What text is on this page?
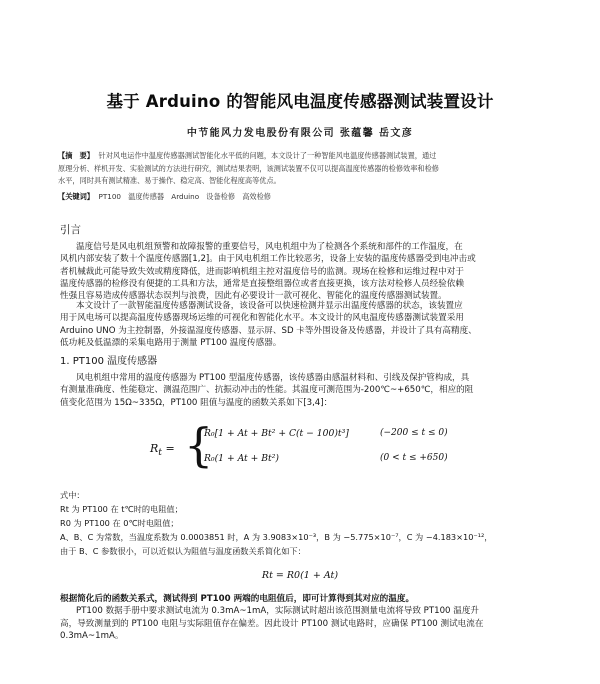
基于 Arduino 的智能风电温度传感器测试装置设计
中节能风力发电股份有限公司 张蕴馨 岳文彦
【摘　要】 针对风电运作中温度传感器测试智能化水平低的问题，本文设计了一种智能风电温度传感器测试装置，通过
原理分析、样机开发、实验测试的方法进行研究，测试结果表明，该测试装置不仅可以提高温度传感器的检修效率和检修
水平，同时具有测试精准、易于操作、稳定高、智能化程度高等优点。
【关键词】 PT100　温度传感器　Arduino　设备检修　高效检修
引言
温度信号是风电机组预警和故障报警的重要信号，风电机组中为了检测各个系统和部件的工作温度，在
风机内部安装了数十个温度传感器[1,2]。由于风电机组工作比较恶劣，设备上安装的温度传感器受到电冲击或
者机械裁此可能导致失效或精度降低，进而影响机组主控对温度信号的监测。现场在检修和运维过程中对于
温度传感器的检修没有便捷的工具和方法，通常是直接整组器位或者直接更换，该方法对检修人员经验依赖
性强且容易造成传感器状态误判与浪费，因此有必要设计一款可视化、智能化的温度传感器测试装置。
本文设计了一款智能温度传感器测试设备，该设备可以快速检测并显示出温度传感器的状态，该装置应
用于风电场可以提高温度传感器现场运维的可视化和智能化水平。本文设计的风电温度传感器测试装置采用
Arduino UNO 为主控制器，外接温湿度传感器、显示屏、SD 卡等外围设备及传感器，并设计了具有高精度、
低功耗及低温漂的采集电路用于测量 PT100 温度传感器。
1. PT100 温度传感器
风电机组中常用的温度传感器为 PT100 型温度传感器，该传感器由感温材料和、引线及保护管构成，具
有测量准确度、性能稳定、测温范围广、抗振动冲击的性能。其温度可测范围为-200℃~+650℃，相应的阻
值变化范围为 15Ω~335Ω，PT100 阻值与温度的函数关系如下[3,4]：
$R_t$ = {
R₀[1 + At + Bt² + C(t − 100)t³]	(−200 ≤ t ≤ 0)
R₀(1 + At + Bt²)	(0 < t ≤ +650)
式中：
Rt 为 PT100 在 t℃时的电阻值；
R0 为 PT100 在 0℃时电阻值；
A、B、C 为常数，当温度系数为 0.0003851 时，A 为 3.9083×10⁻³，B 为 −5.775×10⁻⁷，C 为 −4.183×10⁻¹²，
由于 B、C 参数很小，可以近似认为阻值与温度函数关系简化如下：
Rt = R0(1 + At)
根据简化后的函数关系式，测试得到 PT100 两端的电阻值后，即可计算得到其对应的温度。
PT100 数据手册中要求测试电流为 0.3mA~1mA，实际测试时超出该范围测量电流将导致 PT100 温度升
高，导致测量到的 PT100 电阻与实际阻值存在偏差。因此设计 PT100 测试电路时，应确保 PT100 测试电流在
0.3mA~1mA。
